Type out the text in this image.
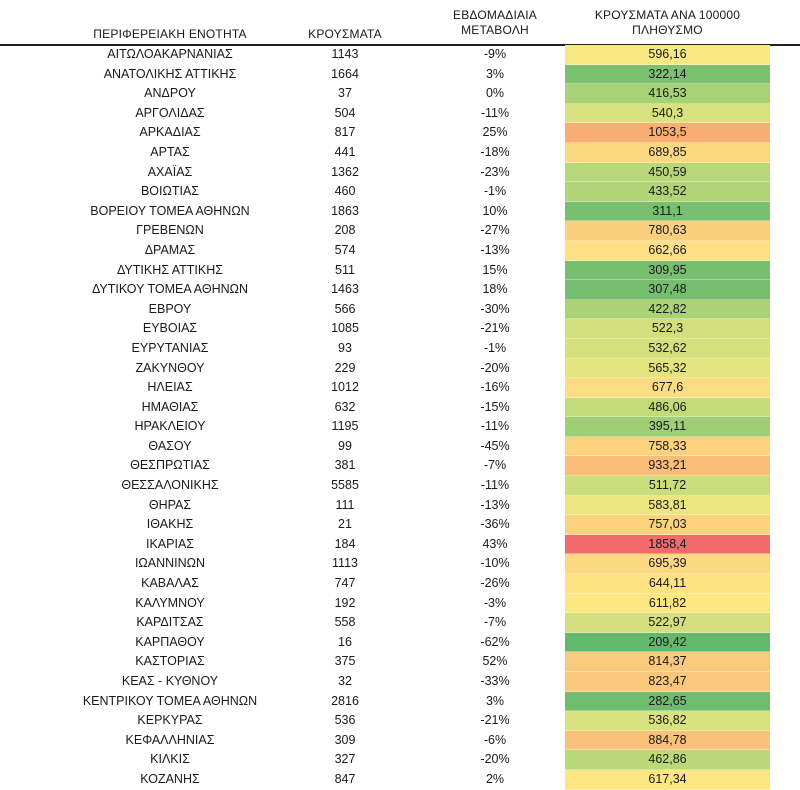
ΠΕΡΙΦΕΡΕΙΑΚΗ ΕΝΟΤΗΤΑ	ΚΡΟΥΣΜΑΤΑ
ΕΒΔΟΜΑΔΙΑΙΑ
ΜΕΤΑΒΟΛΗ
ΚΡΟΥΣΜΑΤΑ ΑΝΑ 100000
ΠΛΗΘΥΣΜΟ
ΑΙΤΩΛΟΑΚΑΡΝΑΝΙΑΣ	1143	-9%	596,16
ΑΝΑΤΟΛΙΚΗΣ ΑΤΤΙΚΗΣ	1664	3%	322,14
ΑΝΔΡΟΥ	37	0%	416,53
ΑΡΓΟΛΙΔΑΣ	504	-11%	540,3
ΑΡΚΑΔΙΑΣ	817	25%	1053,5
ΑΡΤΑΣ	441	-18%	689,85
ΑΧΑΪΑΣ	1362	-23%	450,59
ΒΟΙΩΤΙΑΣ	460	-1%	433,52
ΒΟΡΕΙΟΥ ΤΟΜΕΑ ΑΘΗΝΩΝ	1863	10%	311,1
ΓΡΕΒΕΝΩΝ	208	-27%	780,63
ΔΡΑΜΑΣ	574	-13%	662,66
ΔΥΤΙΚΗΣ ΑΤΤΙΚΗΣ	511	15%	309,95
ΔΥΤΙΚΟΥ ΤΟΜΕΑ ΑΘΗΝΩΝ	1463	18%	307,48
ΕΒΡΟΥ	566	-30%	422,82
ΕΥΒΟΙΑΣ	1085	-21%	522,3
ΕΥΡΥΤΑΝΙΑΣ	93	-1%	532,62
ΖΑΚΥΝΘΟΥ	229	-20%	565,32
ΗΛΕΙΑΣ	1012	-16%	677,6
ΗΜΑΘΙΑΣ	632	-15%	486,06
ΗΡΑΚΛΕΙΟΥ	1195	-11%	395,11
ΘΑΣΟΥ	99	-45%	758,33
ΘΕΣΠΡΩΤΙΑΣ	381	-7%	933,21
ΘΕΣΣΑΛΟΝΙΚΗΣ	5585	-11%	511,72
ΘΗΡΑΣ	111	-13%	583,81
ΙΘΑΚΗΣ	21	-36%	757,03
ΙΚΑΡΙΑΣ	184	43%	1858,4
ΙΩΑΝΝΙΝΩΝ	1113	-10%	695,39
ΚΑΒΑΛΑΣ	747	-26%	644,11
ΚΑΛΥΜΝΟΥ	192	-3%	611,82
ΚΑΡΔΙΤΣΑΣ	558	-7%	522,97
ΚΑΡΠΑΘΟΥ	16	-62%	209,42
ΚΑΣΤΟΡΙΑΣ	375	52%	814,37
ΚΕΑΣ - ΚΥΘΝΟΥ	32	-33%	823,47
ΚΕΝΤΡΙΚΟΥ ΤΟΜΕΑ ΑΘΗΝΩΝ	2816	3%	282,65
ΚΕΡΚΥΡΑΣ	536	-21%	536,82
ΚΕΦΑΛΛΗΝΙΑΣ	309	-6%	884,78
ΚΙΛΚΙΣ	327	-20%	462,86
ΚΟΖΑΝΗΣ	847	2%	617,34
